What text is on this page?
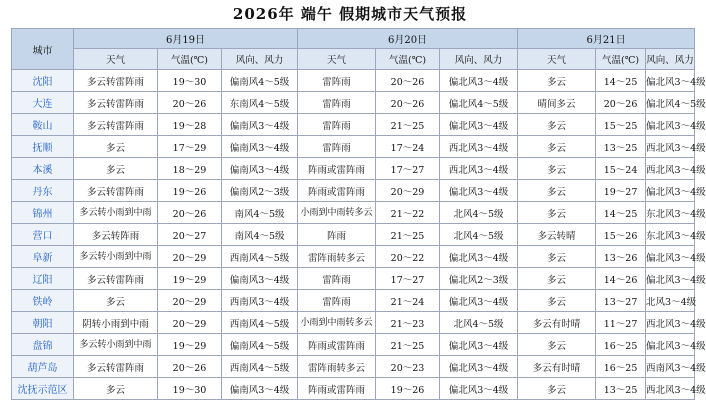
2026年 端午 假期城市天气预报
城市	6月19日			6月20日			6月21日		
	天气	气温(℃)	风向、风力	天气	气温(℃)	风向、风力	天气	气温(℃)	风向、风力
沈阳	多云转雷阵雨	19～30	偏南风4～5级	雷阵雨	20～26	偏北风3～4级	多云	14～25	偏北风3～4级
大连	多云转雷阵雨	20～26	东南风4～5级	雷阵雨	20～26	偏北风4～5级	晴间多云	20～26	偏北风4～5级
鞍山	多云转雷阵雨	19～28	偏南风3～4级	雷阵雨	21～25	偏北风3～4级	多云	15～25	偏北风3～4级
抚顺	多云	17～29	偏南风3～4级	雷阵雨	17～24	西北风3～4级	多云	13～25	西北风3～4级
本溪	多云	18～29	偏南风3～4级	阵雨或雷阵雨	17～27	西北风3～4级	多云	15～24	西北风3～4级
丹东	多云转雷阵雨	19～26	偏南风2～3级	阵雨或雷阵雨	20～29	偏北风3～4级	多云	19～27	偏北风3～4级
锦州	多云转小雨到中雨	20～26	南风4～5级	小雨到中雨转多云	21～22	北风4～5级	多云	14～25	东北风3～4级
营口	多云转阵雨	20～27	南风4～5级	阵雨	21～25	北风4～5级	多云转晴	15～26	东北风3～4级
阜新	多云转小雨到中雨	20～29	西南风4～5级	雷阵雨转多云	20～22	偏北风3～4级	多云	13～26	偏北风3～4级
辽阳	多云转雷阵雨	19～29	偏南风3～4级	雷阵雨	17～27	偏北风2～3级	多云	14～26	偏北风3～4级
铁岭	多云	20～29	西南风3～4级	雷阵雨	21～24	偏北风3～4级	多云	13～27	北风3～4级
朝阳	阴转小雨到中雨	20～29	西南风4～5级	小雨到中雨转多云	21～23	北风4～5级	多云有时晴	11～27	西北风3～4级
盘锦	多云转小雨到中雨	19～29	偏南风4～5级	阵雨或雷阵雨	21～25	偏北风3～4级	多云	16～25	偏北风3～4级
葫芦岛	多云转雷阵雨	20～26	西南风4～5级	雷阵雨转多云	20～23	偏北风3～4级	多云有时晴	16～25	西南风3～4级
沈抚示范区	多云	19～30	偏南风3～4级	阵雨或雷阵雨	19～26	偏北风3～4级	多云	13～25	西北风3～4级
